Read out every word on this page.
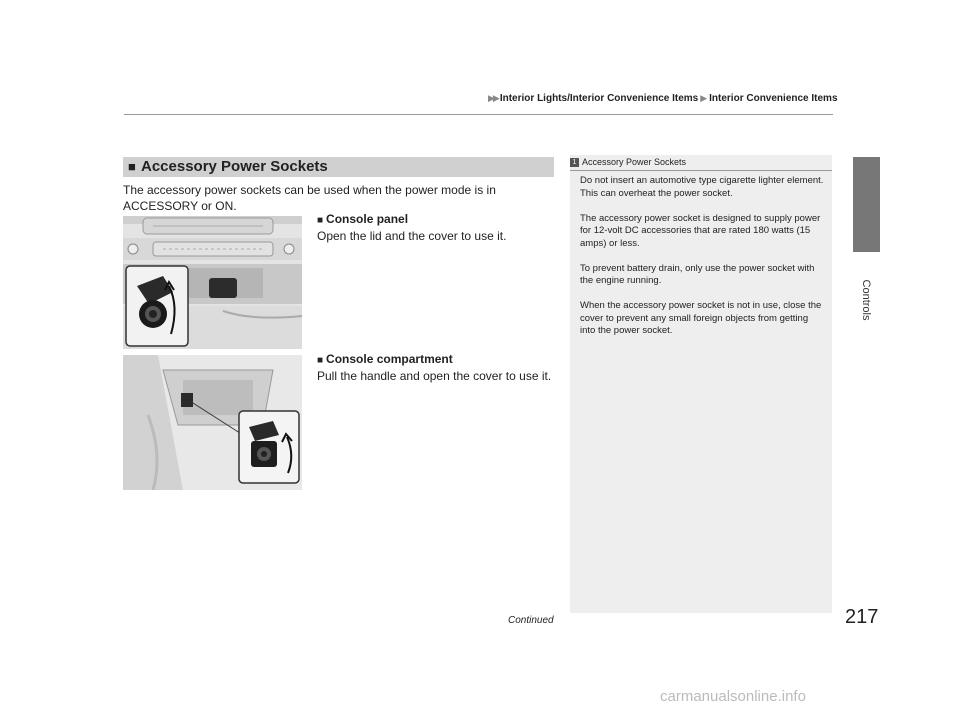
▶▶ Interior Lights/Interior Convenience Items ▶ Interior Convenience Items
■ Accessory Power Sockets
The accessory power sockets can be used when the power mode is in ACCESSORY or ON.
■ Console panel
Open the lid and the cover to use it.
■ Console compartment
Pull the handle and open the cover to use it.
1 Accessory Power Sockets

Do not insert an automotive type cigarette lighter element.
This can overheat the power socket.

The accessory power socket is designed to supply power for 12-volt DC accessories that are rated 180 watts (15 amps) or less.

To prevent battery drain, only use the power socket with the engine running.

When the accessory power socket is not in use, close the cover to prevent any small foreign objects from getting into the power socket.

Controls
Continued	217
carmanualsonline.info
